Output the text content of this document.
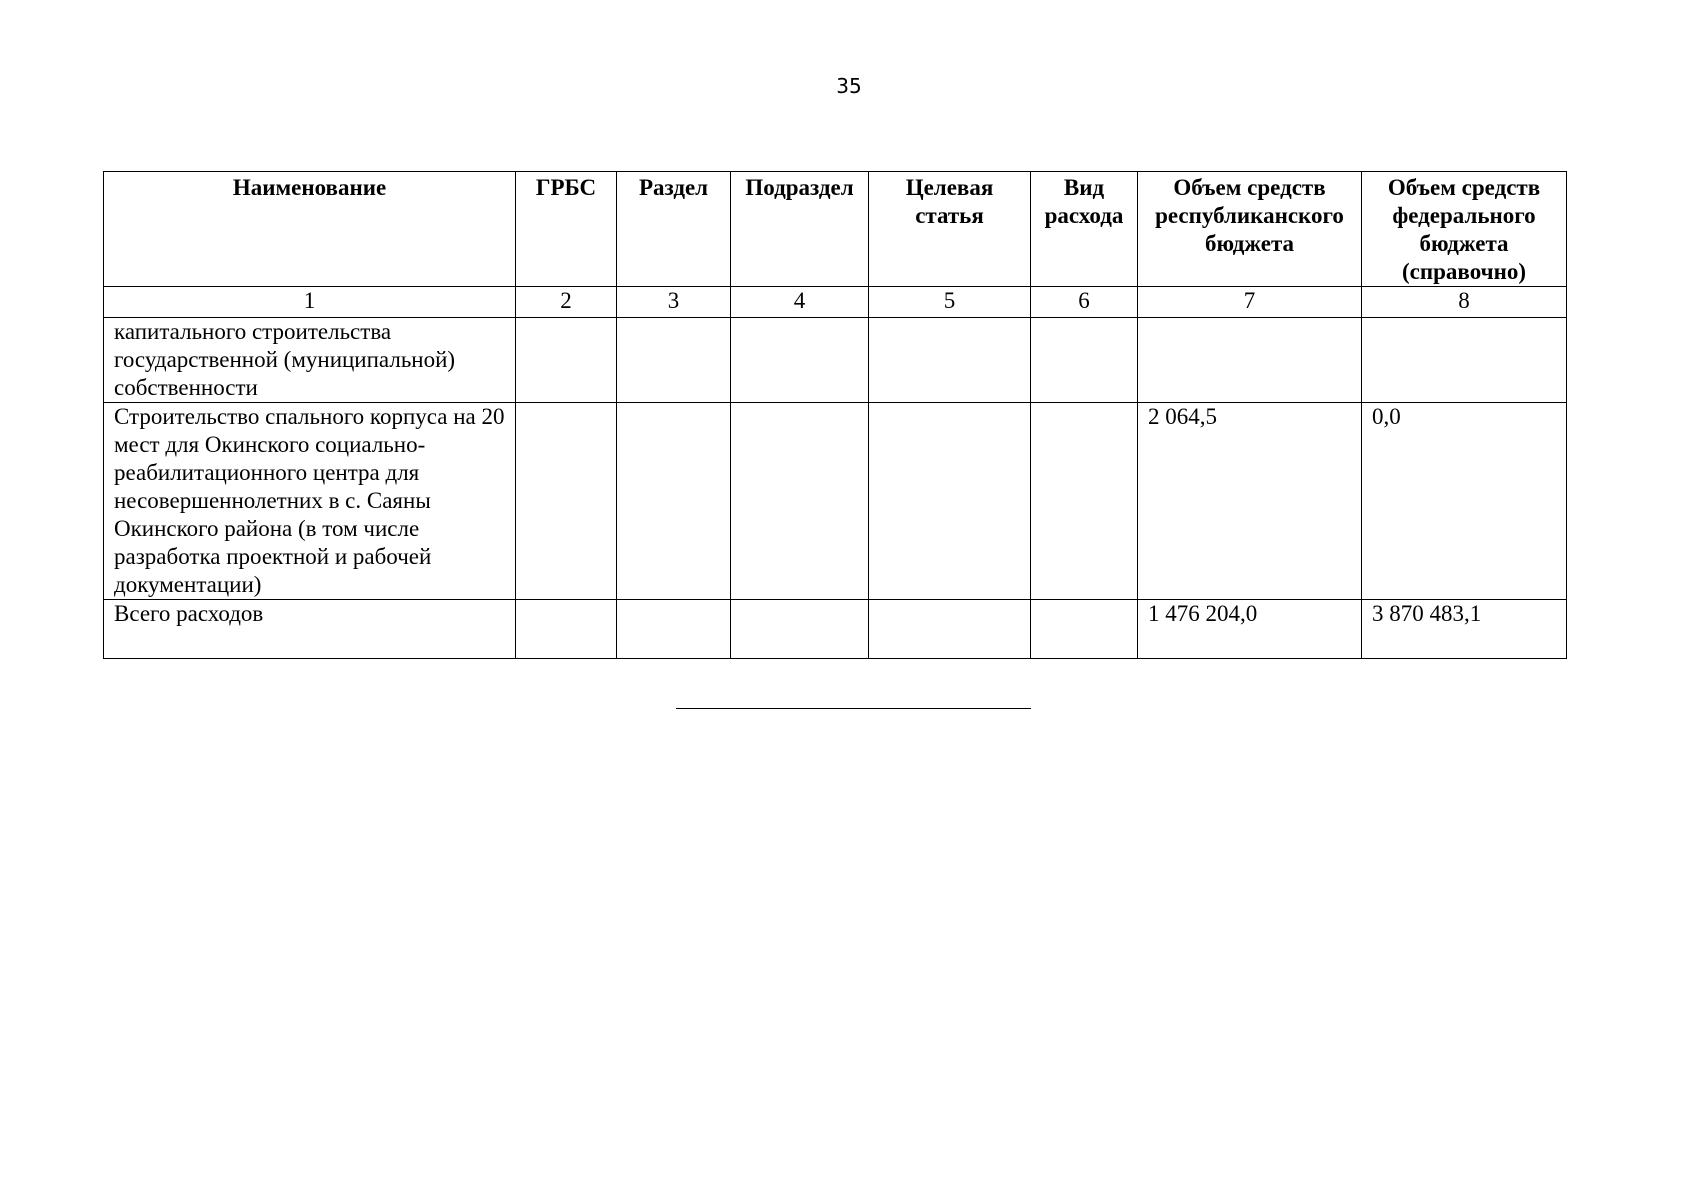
35
Наименование	ГРБС	Раздел	Подраздел	Целевая статья	Вид расхода	Объем средств республиканского бюджета	Объем средств федерального бюджета (справочно)
1	2	3	4	5	6	7	8
капитального строительства государственной (муниципальной) собственности							
Строительство спального корпуса на 20 мест для Окинского социально-реабилитационного центра для несовершеннолетних в с. Саяны Окинского района (в том числе разработка проектной и рабочей документации)						2 064,5	0,0
Всего расходов						1 476 204,0	3 870 483,1
